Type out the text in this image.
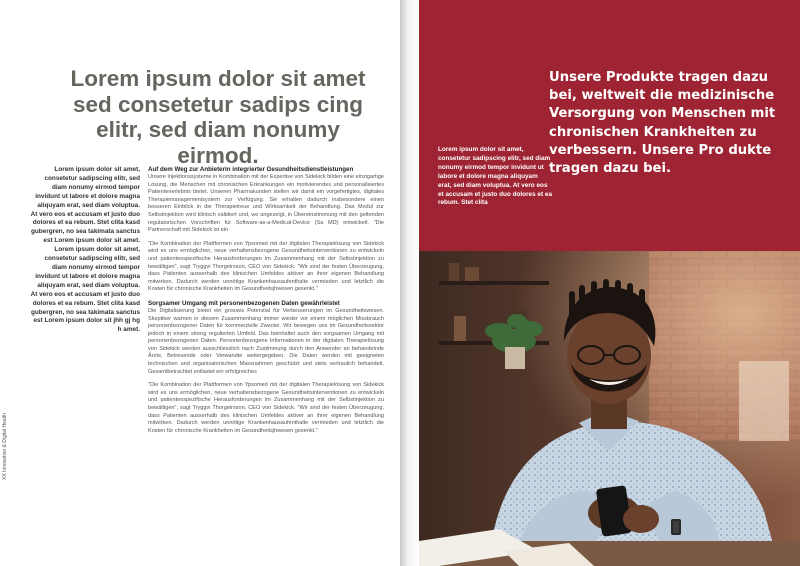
Lorem ipsum dolor sit amet sed consetetur sadips cing elitr, sed diam nonumy eirmod.
XX Innovation & Digital Health
Lorem ipsum dolor sit amet, consetetur sadipscing elitr, sed diam nonumy eirmod tempor invidunt ut labore et dolore magna aliquyam erat, sed diam voluptua. At vero eos et accusam et justo duo dolores et ea rebum. Stet clita kasd gubergren, no sea takimata sanctus est Lorem ipsum dolor sit amet. Lorem ipsum dolor sit amet, consetetur sadipscing elitr, sed diam nonumy eirmod tempor invidunt ut labore et dolore magna aliquyam erat, sed diam voluptua. At vero eos et accusam et justo duo dolores et ea rebum. Stet clita kasd gubergren, no sea takimata sanctus est Lorem ipsum dolor sit jhh gj hg h amet.
Auf dem Weg zur Anbieterin integrierter Gesundheitsdienstleistungen

Unsere Injektionssysteme in Kombination mit der Expertise von Sidekick bilden eine einzigartige Lösung, die Menschen mit chronischen Erkrankungen ein motivierendes und personalisiertes Patientenerlebnis bietet. Unseren Pharmakunden stellen wir damit ein vorgefertigtes, digitales Therapiemanagementsystem zur Verfügung. Sie erhalten dadurch insbesondere einen besseren Einblick in die Therapietreue und Wirksamkeit der Behandlung. Das Modul zur Selbstinjektion wird klinisch validiert und, wo angezeigt, in Übereinstimmung mit den geltenden regulatorischen Vorschriften für Software-as-a-Medical-Device (Sa MD) entwickelt. "Die Partnerschaft mit Sidekick ist ein

"Die Kombination der Plattformen von Ypsomed mit der digitalen Therapielösung von Sidekick wird es uns ermöglichen, neue verhaltensbezogene Gesundheitsinterventionen zu entwickeln und patientenspezifische Herausforderungen im Zusammenhang mit der Selbstinjektion zu bewältigen", sagt Tryggvi Thorgeirsson, CEO von Sidekick. "Wir sind der festen Überzeugung, dass Patienten ausserhalb des klinischen Umfeldes aktiver an ihrer eigenen Behandlung mitwirken. Dadurch werden unnötige Krankenhausaufenthalte vermieden und letztlich die Kosten für chronische Krankheiten im Gesundheitsjhwesen gesenkt."

Sorgsamer Umgang mit personenbezogenen Daten gewährleistet

Die Digitalisierung bietet ein grosses Potenzial für Verbesserungen im Gesundheitswesen. Skeptiker warnen in diesem Zusammenhang immer wieder vor einem möglichen Missbrauch personenbezogener Daten für kommerzielle Zwecke. Wir bewegen uns im Gesundheitssektor jedoch in einem streng regulierten Umfeld. Das beinhaltet auch den sorgsamen Umgang mit personenbezogenen Daten. Personenbezogene Informationen in der digitalen Therapielösung von Sidekick werden ausschliesslich nach Zustimmung durch den Anwender an behandelnde Ärzte, Betreuende oder Verwandte weitergegeben. Die Daten werden mit geeigneten technischen und organisatorischen Massnahmen geschützt und stets vertraulich behandelt. Gesamtbetrachtet entlastet ein erfolgreiches

"Die Kombination der Plattformen von Ypsomed mit der digitalen Therapielösung von Sidekick wird es uns ermöglichen, neue verhaltensbezogene Gesundheitsinterventionen zu entwickeln und patientenspezifische Herausforderungen im Zusammenhang mit der Selbstinjektion zu bewältigen", sagt Tryggvi Thorgeirsson, CEO von Sidekick. "Wir sind der festen Überzeugung, dass Patienten ausserhalb des klinischen Umfeldes aktiver an ihrer eigenen Behandlung mitwirken. Dadurch werden unnötige Krankenhausaufenthalte vermieden und letztlich die Kosten für chronische Krankheiten im Gesundheitsjhwesen gesenkt."

Lorem ipsum dolor sit amet, consetetur sadipscing elitr, sed diam nonumy eirmod tempor invidunt ut labore et dolore magna aliquyam erat, sed diam voluptua. At vero eos et accusam et justo duo dolores et ea rebum. Stet clita
Unsere Produkte tragen dazu bei, weltweit die medizinische Versorgung von Menschen mit chronischen Krankheiten zu verbessern. Unsere Pro dukte tragen dazu bei.
